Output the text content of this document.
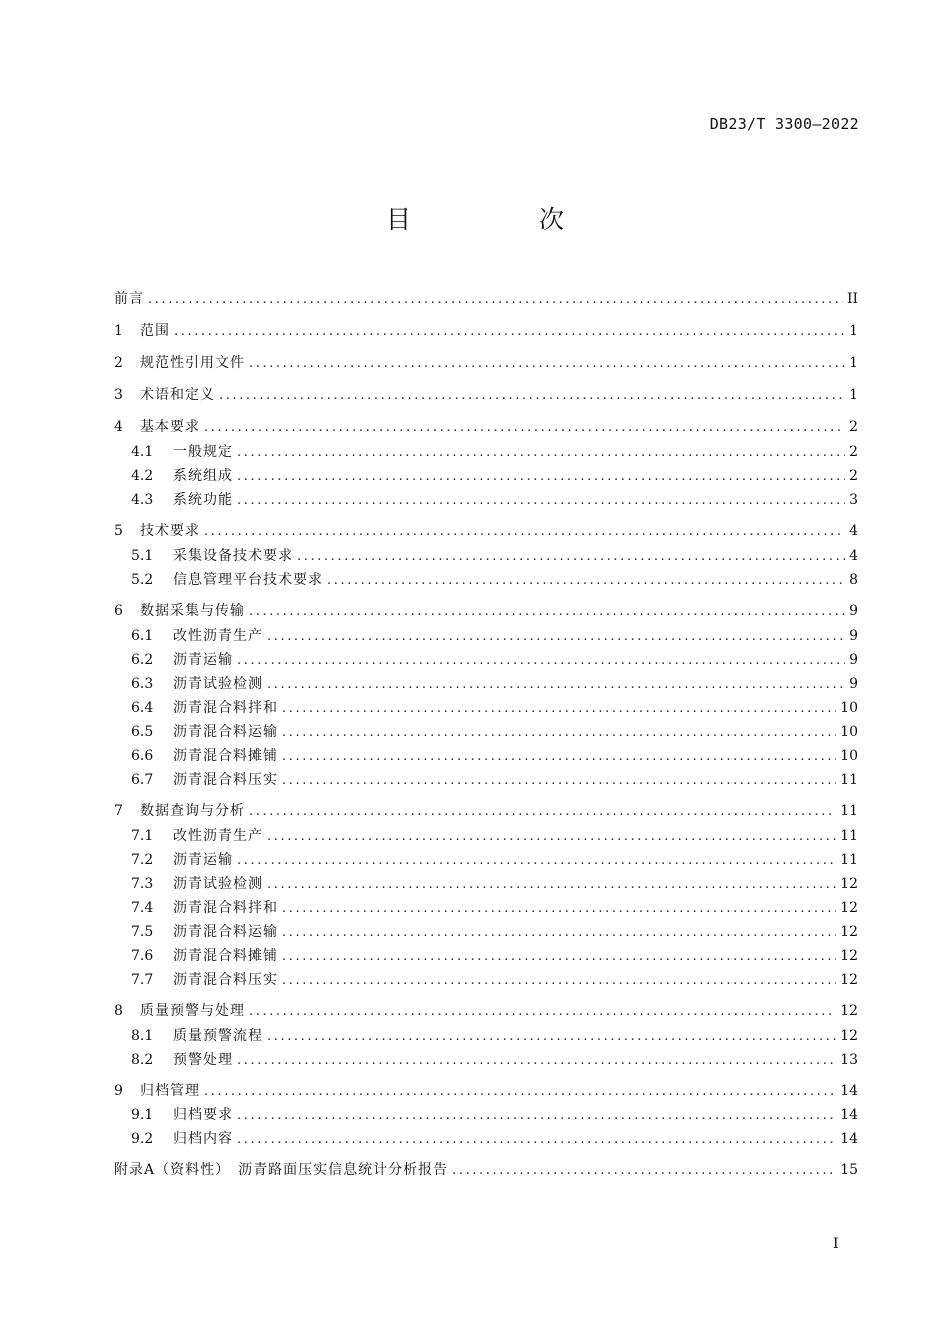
DB23/T 3300—2022
目 次
前言 .....	II
1	范围 .....	1
2	规范性引用文件 .....	1
3	术语和定义 .....	1
4	基本要求 .....	2
4.1	一般规定 .....	2
4.2	系统组成 .....	2
4.3	系统功能 .....	3
5	技术要求 .....	4
5.1	采集设备技术要求 .....	4
5.2	信息管理平台技术要求 .....	8
6	数据采集与传输 .....	9
6.1	改性沥青生产 .....	9
6.2	沥青运输 .....	9
6.3	沥青试验检测 .....	9
6.4	沥青混合料拌和 .....	10
6.5	沥青混合料运输 .....	10
6.6	沥青混合料摊铺 .....	10
6.7	沥青混合料压实 .....	11
7	数据查询与分析 .....	11
7.1	改性沥青生产 .....	11
7.2	沥青运输 .....	11
7.3	沥青试验检测 .....	12
7.4	沥青混合料拌和 .....	12
7.5	沥青混合料运输 .....	12
7.6	沥青混合料摊铺 .....	12
7.7	沥青混合料压实 .....	12
8	质量预警与处理 .....	12
8.1	质量预警流程 .....	12
8.2	预警处理 .....	13
9	归档管理 .....	14
9.1	归档要求 .....	14
9.2	归档内容 .....	14
附录A（资料性）　沥青路面压实信息统计分析报告 .....	15
I
